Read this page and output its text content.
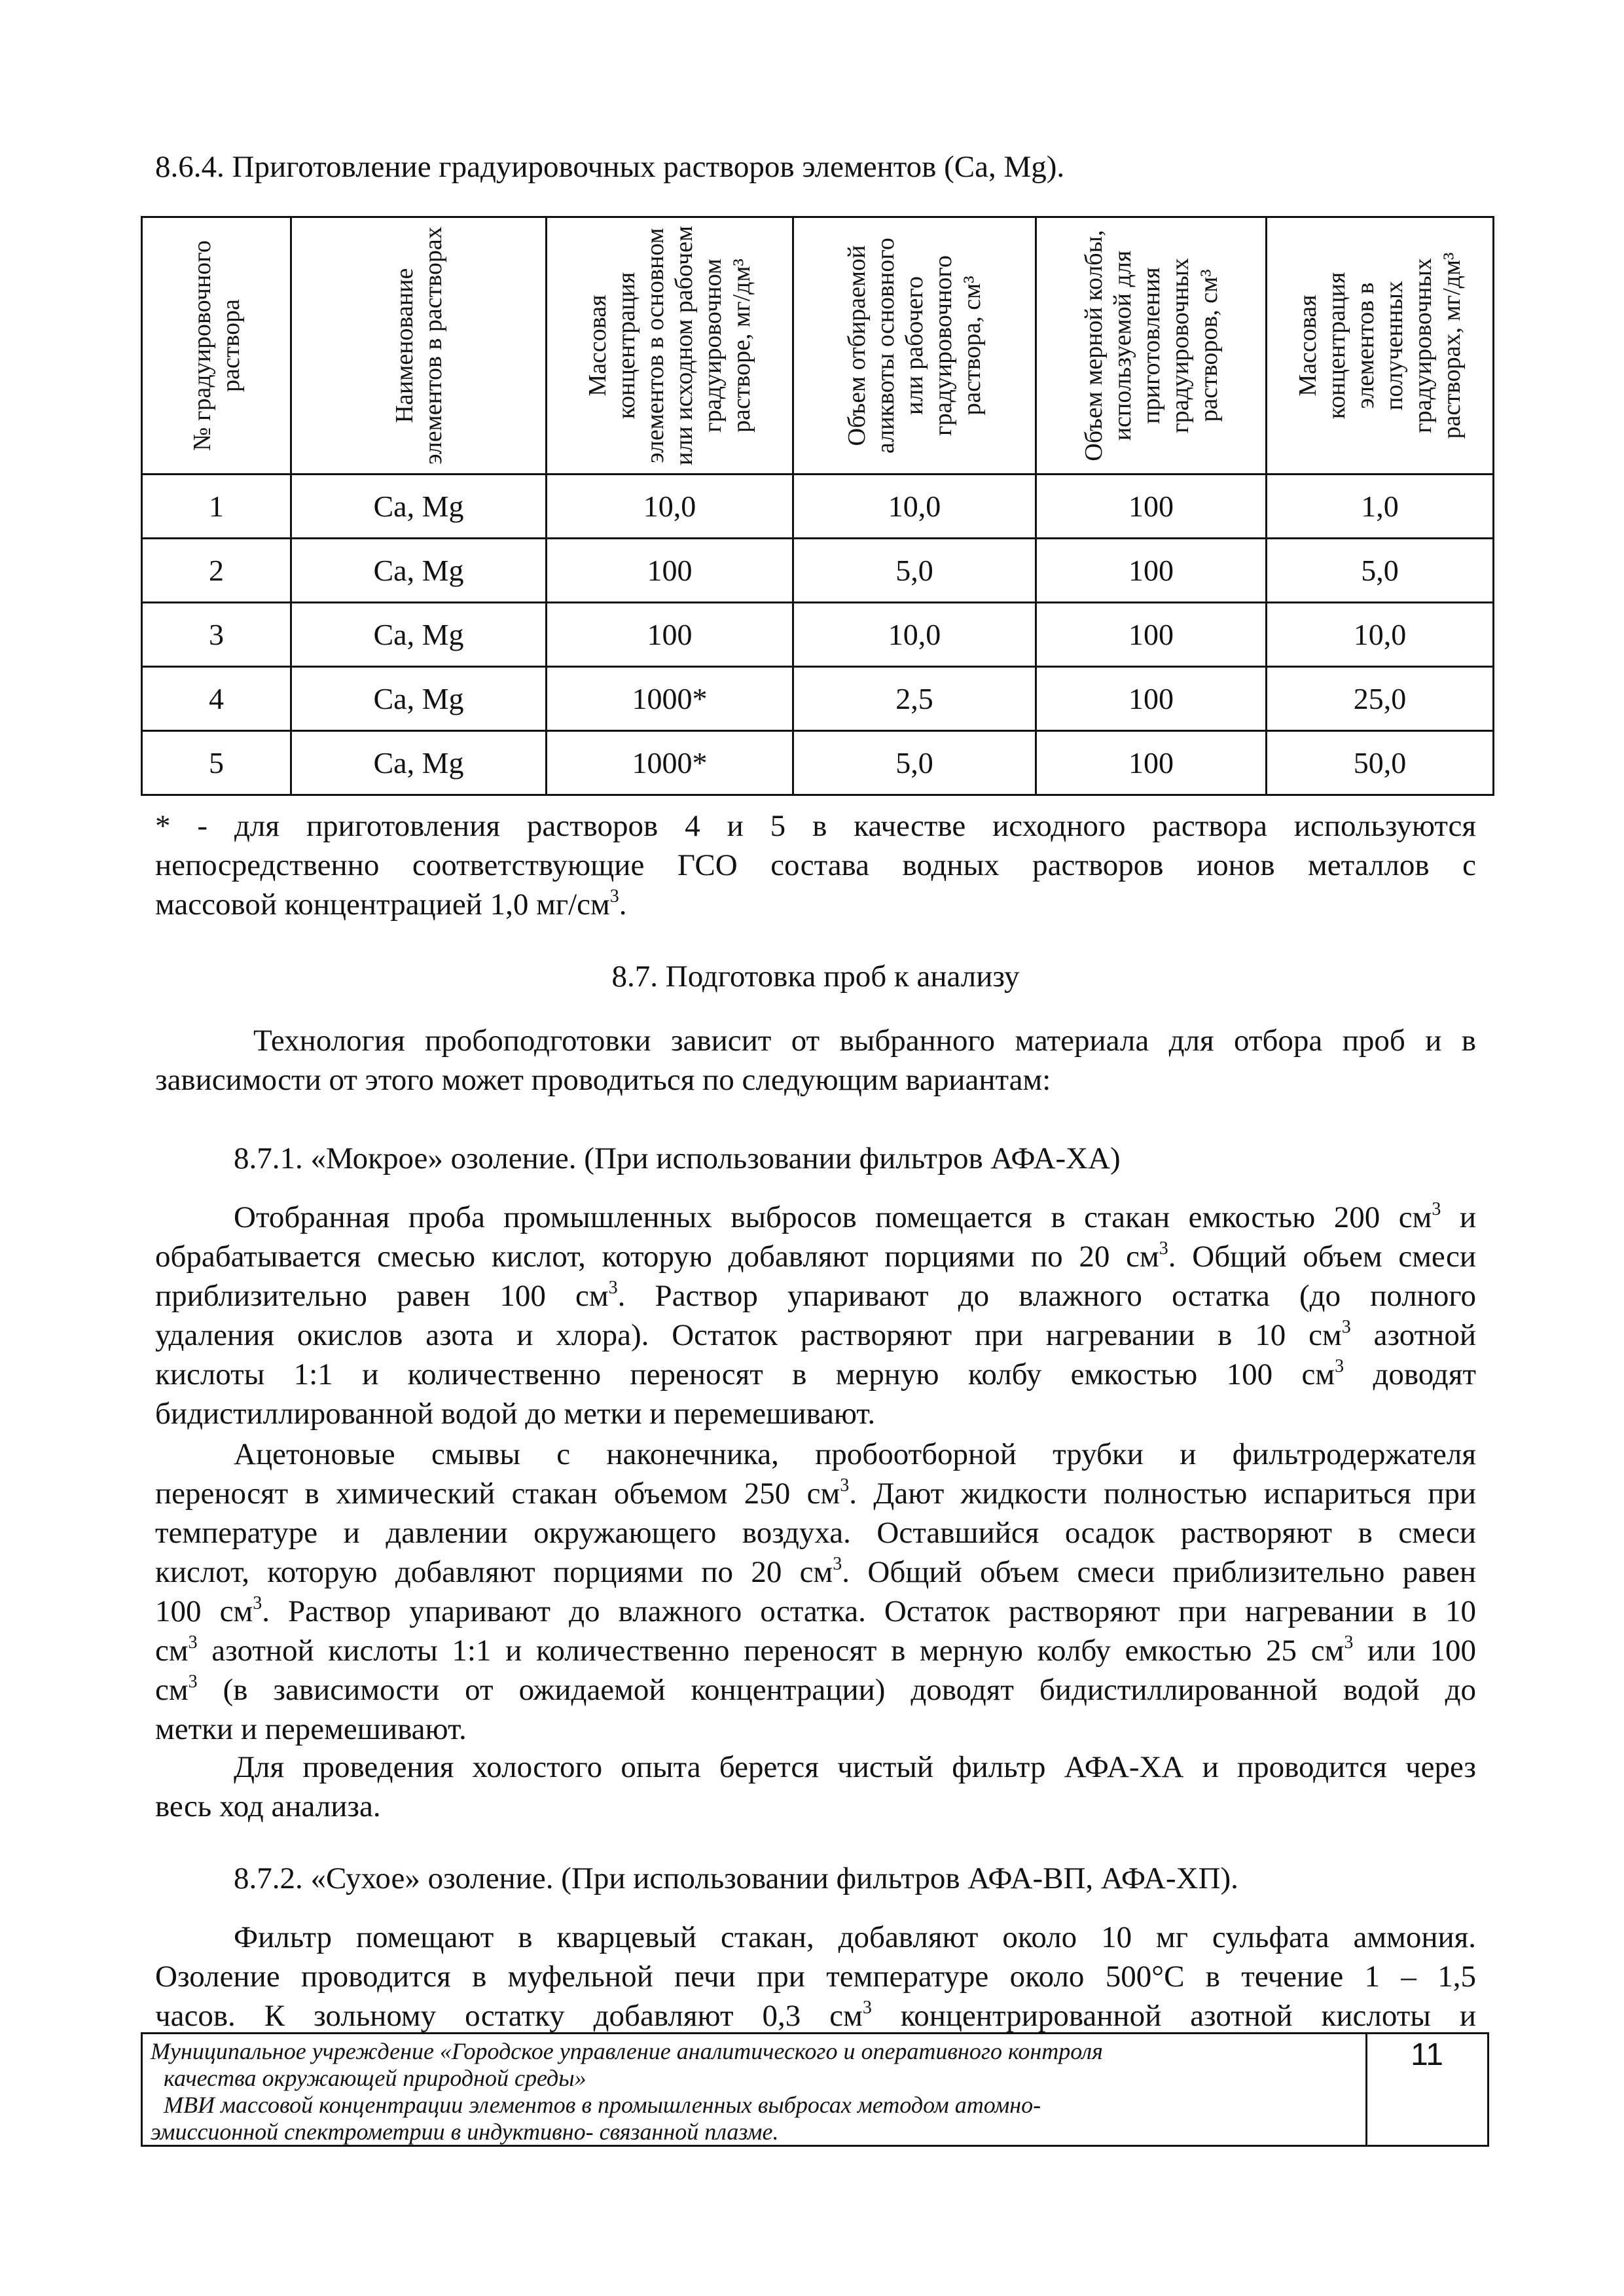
8.6.4. Приготовление градуировочных растворов элементов (Ca, Mg).

№ градуировочного раствора	Наименование элементов в растворах	Массовая концентрация элементов в основном или исходном рабочем градуировочном растворе, мг/дм³	Объем отбираемой аликвоты основного или рабочего градуировочного раствора, см³	Объем мерной колбы, используемой для приготовления градуировочных растворов, см³	Массовая концентрация элементов в полученных градуировочных растворах, мг/дм³

1	Ca, Mg	10,0	10,0	100	1,0
2	Ca, Mg	100	5,0	100	5,0
3	Ca, Mg	100	10,0	100	10,0
4	Ca, Mg	1000*	2,5	100	25,0
5	Ca, Mg	1000*	5,0	100	50,0
* - для приготовления растворов 4 и 5 в качестве исходного раствора используются
непосредственно соответствующие ГСО состава водных растворов ионов металлов с
массовой концентрацией 1,0 $мг/см^3$.

8.7. Подготовка проб к анализу

Технология пробоподготовки зависит от выбранного материала для отбора проб и в
зависимости от этого может проводиться по следующим вариантам:

8.7.1. «Мокрое» озоление. (При использовании фильтров АФА-ХА)

Отобранная проба промышленных выбросов помещается в стакан емкостью 200 $см^3$ и
обрабатывается смесью кислот, которую добавляют порциями по 20 $см^3$. Общий объем смеси
приблизительно равен 100 $см^3$. Раствор упаривают до влажного остатка (до полного
удаления окислов азота и хлора). Остаток растворяют при нагревании в 10 $см^3$ азотной
кислоты 1:1 и количественно переносят в мерную колбу емкостью 100 $см^3$ доводят
бидистиллированной водой до метки и перемешивают.
Ацетоновые смывы с наконечника, пробоотборной трубки и фильтродержателя
переносят в химический стакан объемом 250 $см^3$. Дают жидкости полностью испариться при
температуре и давлении окружающего воздуха. Оставшийся осадок растворяют в смеси
кислот, которую добавляют порциями по 20 $см^3$. Общий объем смеси приблизительно равен
100 $см^3$. Раствор упаривают до влажного остатка. Остаток растворяют при нагревании в 10
$см^3$ азотной кислоты 1:1 и количественно переносят в мерную колбу емкостью 25 $см^3$ или 100
$см^3$ (в зависимости от ожидаемой концентрации) доводят бидистиллированной водой до
метки и перемешивают.
Для проведения холостого опыта берется чистый фильтр АФА-ХА и проводится через
весь ход анализа.

8.7.2. «Сухое» озоление. (При использовании фильтров АФА-ВП, АФА-ХП).

Фильтр помещают в кварцевый стакан, добавляют около 10 мг сульфата аммония.
Озоление проводится в муфельной печи при температуре около 500°С в течение 1 – 1,5
часов. К зольному остатку добавляют 0,3 $см^3$ концентрированной азотной кислоты и
Муниципальное учреждение «Городское управление аналитического и оперативного контроля
качества окружающей природной среды»
МВИ массовой концентрации элементов в промышленных выбросах методом атомно-
эмиссионной спектрометрии в индуктивно- связанной плазме.
11
